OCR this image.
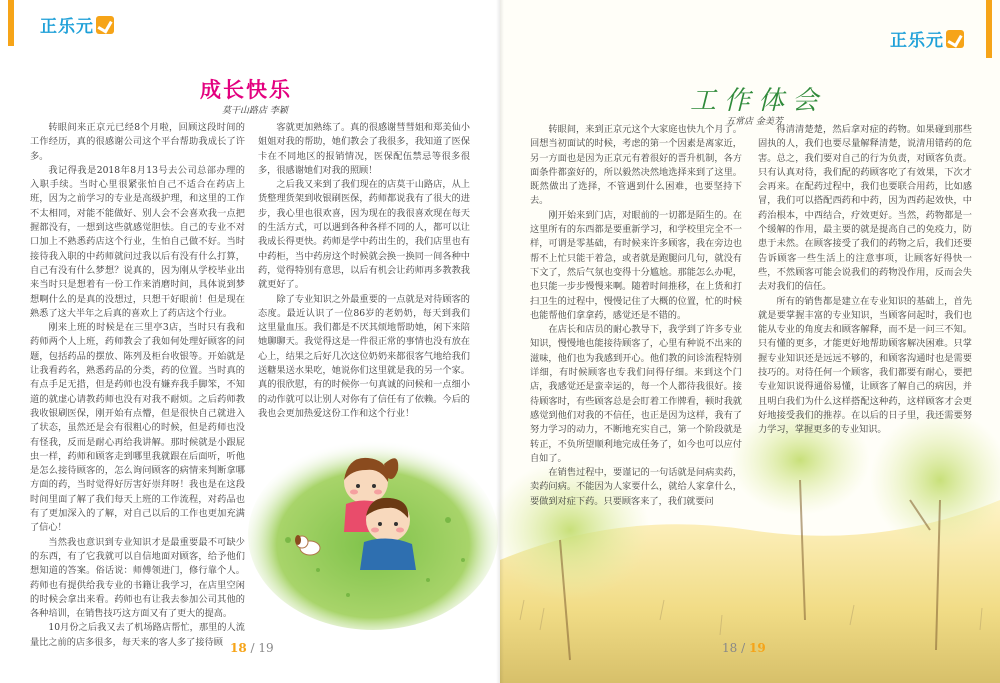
正乐元
成长快乐
莫干山路店 李颖

转眼间来正京元已经8个月啦，回顾这段时间的工作经历，真的很感谢公司这个平台帮助我成长了许多。

我记得我是2018年8月13号去公司总部办理的入职手续。当时心里很紧张怕自己不适合在药店上班，因为之前学习的专业是高级护理，和这里的工作不太相同，对能不能做好、别人会不会喜欢我一点把握都没有，一想到这些就感觉胆怯。自己的专业不对口加上不熟悉药店这个行业，生怕自己做不好。当时接待我入职的中药师就问过我以后有没有什么打算，自己有没有什么梦想？说真的，因为刚从学校毕业出来当时只是想着有一份工作来消磨时间，具体说到梦想啊什么的是真的没想过，只想干好眼前！但是现在熟悉了这大半年之后真的喜欢上了药店这个行业。

刚来上班的时候是在三里亭3店，当时只有我和药师两个人上班，药师教会了我如何处理好顾客的问题，包括药品的摆放、陈列及柜台收银等。开始就是让我看药名，熟悉药品的分类，药的位置。当时真的有点手足无措，但是药师也没有嫌弃我手脚笨，不知道的就虚心请教药师也没有对我不耐烦。之后药师教我收银刷医保，刚开始有点懵，但是很快自己就进入了状态，虽然还是会有很粗心的时候，但是药师也没有怪我，反而是耐心再给我讲解。那时候就是小跟屁虫一样，药师和顾客走到哪里我就跟在后面听，听他是怎么接待顾客的，怎么询问顾客的病情来判断拿哪方面的药，当时觉得好厉害好崇拜呀！我也是在这段时间里面了解了我们每天上班的工作流程，对药品也有了更加深入的了解，对自己以后的工作也更加充满了信心！

当然我也意识到专业知识才是最重要最不可缺少的东西，有了它我就可以自信地面对顾客，给予他们想知道的答案。俗话说：师傅领进门，修行靠个人。药师也有提供给我专业的书籍让我学习，在店里空闲的时候会拿出来看。药师也有让我去参加公司其他的各种培训，在销售技巧这方面又有了更大的提高。

10月份之后我又去了机场路店帮忙，那里的人流量比之前的店多很多，每天来的客人多了接待顾

客就更加熟练了。真的很感谢彗彗姐和郑美仙小姐姐对我的帮助，她们教会了我很多，我知道了医保卡在不同地区的报销情况，医保配伍禁忌等很多很多，很感谢她们对我的照顾！

之后我又来到了我们现在的店莫干山路店，从上货整理货架到收银刷医保，药师都说我有了很大的进步，我心里也很欢喜，因为现在的我很喜欢现在每天的生活方式，可以遇到各种各样不同的人，都可以让我成长得更快。药师是学中药出生的，我们店里也有中药柜，当中药房这个时候就会换一换同一间各种中药，觉得特别有意思，以后有机会让药师再多教教我就更好了。

除了专业知识之外最重要的一点就是对待顾客的态度。最近认识了一位86岁的老奶奶，每天到我们这里量血压。我们都是不厌其烦地帮助她，闲下来陪她聊聊天。我觉得这是一件很正常的事情也没有放在心上，结果之后好几次这位奶奶来都很客气地给我们送糖果送水果吃，她说你们这里就是我的另一个家。真的很欣慰，有的时候你一句真诚的问候和一点细小的动作就可以让别人对你有了信任有了依赖。今后的我也会更加热爱这份工作和这个行业！

18 / 19
正乐元
工作体会
五常店 金美芳

转眼间，来到正京元这个大家庭也快九个月了。回想当初面试的时候，考虑的第一个因素是离家近，另一方面也是因为正京元有着很好的晋升机制，各方面条件都蛮好的，所以毅然决然地选择来到了这里。既然做出了选择，不管遇到什么困难，也要坚持下去。

刚开始来到门店，对眼前的一切都是陌生的。在这里所有的东西都是要重新学习，和学校里完全不一样，可谓是零基础，有时候来许多顾客，我在旁边也帮不上忙只能干着急，或者就是跑腿问几句，就没有下文了，然后气氛也变得十分尴尬。那能怎么办呢，也只能一步步慢慢来啊。随着时间推移，在上货和打扫卫生的过程中，慢慢记住了大概的位置，忙的时候也能帮他们拿拿药，感觉还是不错的。

在店长和店员的耐心教导下，我学到了许多专业知识，慢慢地也能接待顾客了，心里有种说不出来的滋味，他们也为我感到开心。他们教的问诊流程特别详细，有时候顾客也专我们问得仔细。来到这个门店，我感觉还是蛮幸运的，每一个人都待我很好。接待顾客时，有些顾客总是会盯着工作牌看，顿时我就感觉到他们对我的不信任，也正是因为这样，我有了努力学习的动力，不断地充实自己，第一个阶段就是转正，不负所望顺利地完成任务了，如今也可以应付自如了。

在销售过程中，要谨记的一句话就是问病卖药，卖药问病。不能因为人家要什么，就给人家拿什么，要做到对症下药。只要顾客来了，我们就要问

得清清楚楚，然后拿对症的药物。如果碰到那些固执的人，我们也要尽量解释清楚，说清用错药的危害。总之，我们要对自己的行为负责，对顾客负责。只有认真对待，我们配的药顾客吃了有效果，下次才会再来。在配药过程中，我们也要联合用药，比如感冒，我们可以搭配西药和中药，因为西药起效快，中药治根本，中西结合，疗效更好。当然，药物都是一个缓解的作用，最主要的就是提高自己的免疫力，防患于未然。在顾客接受了我们的药物之后，我们还要告诉顾客一些生活上的注意事项，让顾客好得快一些，不然顾客可能会说我们的药物没作用，反而会失去对我们的信任。

所有的销售都是建立在专业知识的基础上，首先就是要掌握丰富的专业知识，当顾客问起时，我们也能从专业的角度去和顾客解释，而不是一问三不知。只有懂的更多，才能更好地帮助顾客解决困难。只掌握专业知识还是远远不够的，和顾客沟通时也是需要技巧的。对待任何一个顾客，我们都要有耐心，要把专业知识说得通俗易懂，让顾客了解自己的病因，并且明白我们为什么这样搭配这种药，这样顾客才会更好地接受我们的推荐。在以后的日子里，我还需要努力学习，掌握更多的专业知识。

18 / 19
